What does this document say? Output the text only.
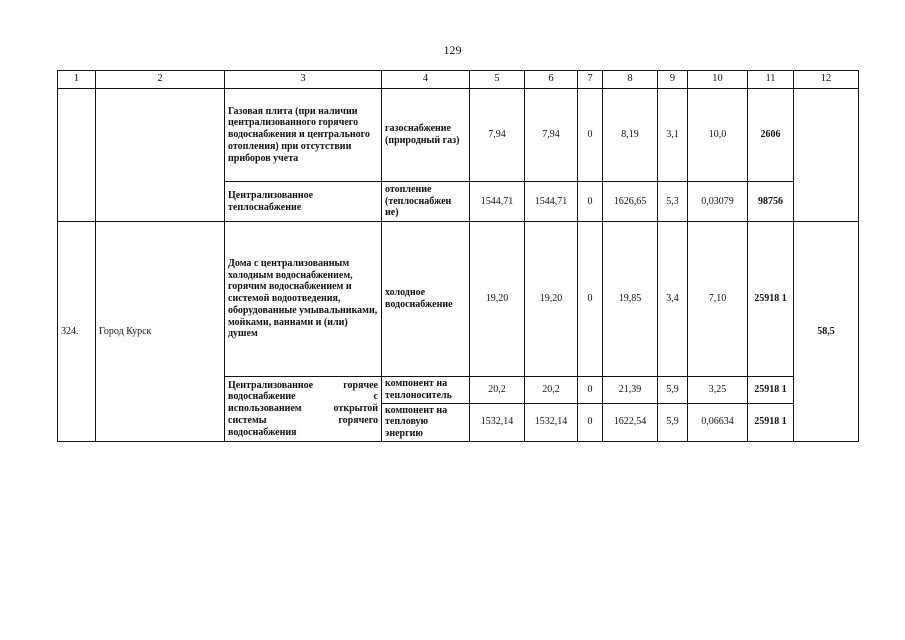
129
1	2	3	4	5	6	7	8	9	10	11	12
		Газовая плита (при наличии централизованного горячего водоснабжения и центрального отопления) при отсутствии приборов учета	газоснабжение (природный газ)	7,94	7,94	0	8,19	3,1	10,0	2606	
		Централизованное теплоснабжение	отопление (теплоснабжен ие)	1544,71	1544,71	0	1626,65	5,3	0,03079	98756	
324.	Город Курск	Дома с централизованным холодным водоснабжением, горячим водоснабжением и системой водоотведения, оборудованные умывальниками, мойками, ваннами и (или) душем	холодное водоснабжение	19,20	19,20	0	19,85	3,4	7,10	25918 1	58,5
		Централизованное горячее водоснабжение с использованием открытой системы горячего водоснабжения	компонент на теплоноситель	20,2	20,2	0	21,39	5,9	3,25	25918 1	
			компонент на тепловую энергию	1532,14	1532,14	0	1622,54	5,9	0,06634	25918 1	
